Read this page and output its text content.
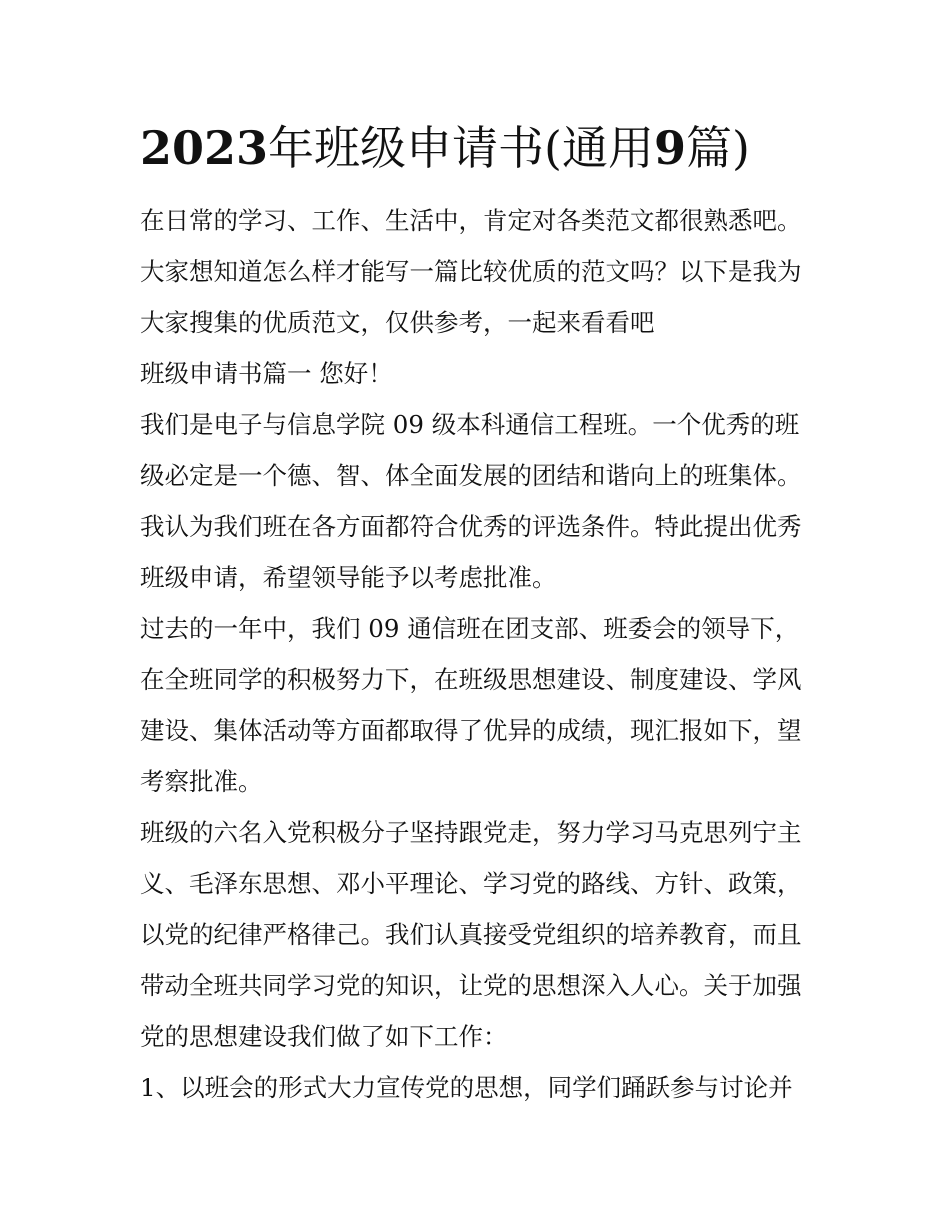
2023年班级申请书(通用9篇)

在日常的学习、工作、生活中，肯定对各类范文都很熟悉吧。

大家想知道怎么样才能写一篇比较优质的范文吗？以下是我为

大家搜集的优质范文，仅供参考，一起来看看吧

班级申请书篇一 您好！

我们是电子与信息学院 09 级本科通信工程班。一个优秀的班

级必定是一个德、智、体全面发展的团结和谐向上的班集体。

我认为我们班在各方面都符合优秀的评选条件。特此提出优秀

班级申请，希望领导能予以考虑批准。

过去的一年中，我们 09 通信班在团支部、班委会的领导下，

在全班同学的积极努力下，在班级思想建设、制度建设、学风

建设、集体活动等方面都取得了优异的成绩，现汇报如下，望

考察批准。

班级的六名入党积极分子坚持跟党走，努力学习马克思列宁主

义、毛泽东思想、邓小平理论、学习党的路线、方针、政策，

以党的纪律严格律己。我们认真接受党组织的培养教育，而且

带动全班共同学习党的知识，让党的思想深入人心。关于加强

党的思想建设我们做了如下工作：

1、以班会的形式大力宣传党的思想，同学们踊跃参与讨论并
